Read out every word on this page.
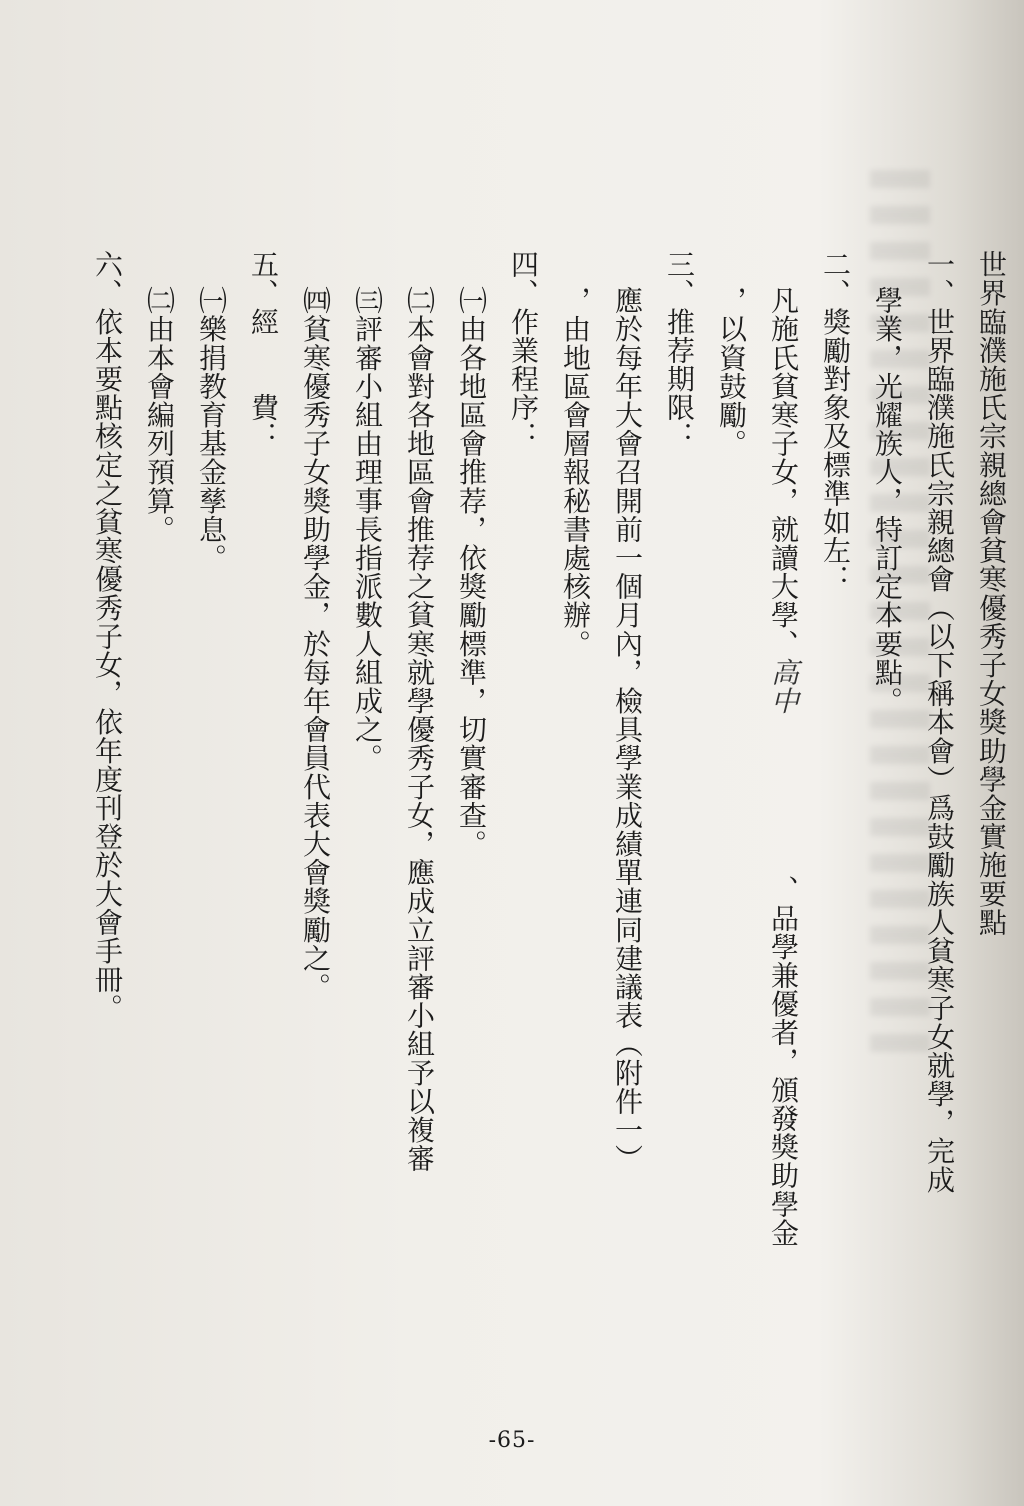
世界臨濮施氏宗親總會貧寒優秀子女獎助學金實施要點
一、世界臨濮施氏宗親總會︵以下稱本會︶爲鼓勵族人貧寒子女就學，完成
學業，光耀族人，特訂定本要點。
二、獎勵對象及標準如左：
凡施氏貧寒子女，就讀大學、高中、品學兼優者，頒發獎助學金
，以資鼓勵。
三、推荐期限：
應於每年大會召開前一個月內，檢具學業成績單連同建議表︵附件一︶
，由地區會層報秘書處核辦。
四、作業程序：
㈠由各地區會推荐，依獎勵標準，切實審查。
㈡本會對各地區會推荐之貧寒就學優秀子女，應成立評審小組予以複審
㈢評審小組由理事長指派數人組成之。
㈣貧寒優秀子女獎助學金，於每年會員代表大會獎勵之。
五、經　　費：
㈠樂捐教育基金孳息。
㈡由本會編列預算。
六、依本要點核定之貧寒優秀子女，依年度刊登於大會手冊。
-65-
